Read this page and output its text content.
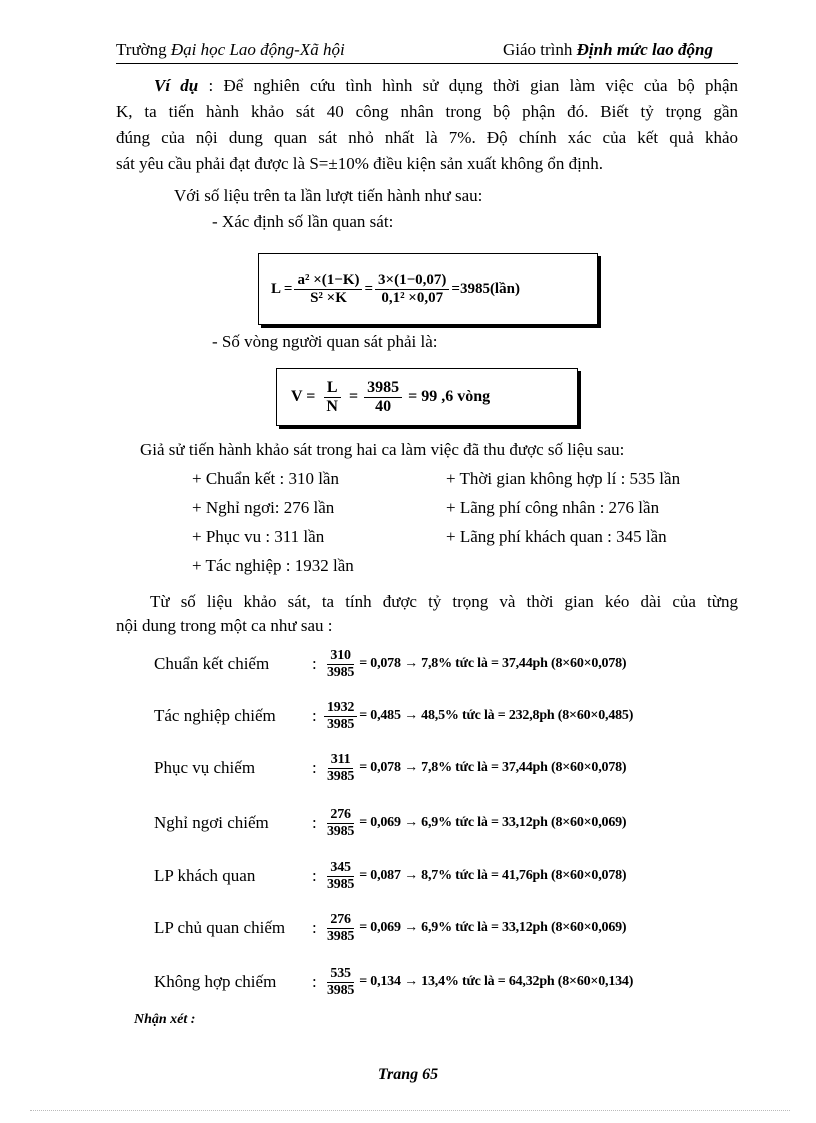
Trường Đại học Lao động-Xã hội	Giáo trình Định mức lao động
Ví dụ : Để nghiên cứu tình hình sử dụng thời gian làm việc của bộ phận
K, ta tiến hành khảo sát 40 công nhân trong bộ phận đó. Biết tỷ trọng gần
đúng của nội dung quan sát nhỏ nhất là 7%. Độ chính xác của kết quả khảo
sát yêu cầu phải đạt được là S=±10% điều kiện sản xuất không ổn định.
Với số liệu trên ta lần lượt tiến hành như sau:
- Xác định số lần quan sát:
$L = \frac{\text{a² ×(1−K)}}{\text{S² ×K}} = \frac{3\times(1-0,07)}{\text{0,1² ×0,07}}$ =3985(lần)
- Số vòng người quan sát phải là:
$V = \frac{L}{N} = \frac{3985}{40} = 99$ ,6 vòng
Giả sử tiến hành khảo sát trong hai ca làm việc đã thu được số liệu sau:
+ Chuẩn kết : 310 lần
+ Nghỉ ngơi: 276 lần
+ Phục vu : 311 lần
+ Tác nghiệp : 1932 lần
+ Thời gian không hợp lí : 535 lần
+ Lãng phí công nhân : 276 lần
+ Lãng phí khách quan : 345 lần
Từ số liệu khảo sát, ta tính được tỷ trọng và thời gian kéo dài của từng
nội dung trong một ca như sau :
Chuẩn kết chiếm	: $\frac{310}{3985} = 0,078 \to 7,8\%$ tức là = 37,44ph (8×60×0,078)
Tác nghiệp chiếm	: $\frac{1932}{3985} = 0,485 \to 48,5\%$ tức là = 232,8ph (8×60×0,485)
Phục vụ chiếm	: $\frac{311}{3985} = 0,078 \to 7,8\%$ tức là = 37,44ph (8×60×0,078)
Nghỉ ngơi chiếm	: $\frac{276}{3985} = 0,069 \to 6,9\%$ tức là = 33,12ph (8×60×0,069)
LP khách quan	: $\frac{345}{3985} = 0,087 \to 8,7\%$ tức là = 41,76ph (8×60×0,078)
LP chủ quan chiếm	: $\frac{276}{3985} = 0,069 \to 6,9\%$ tức là = 33,12ph (8×60×0,069)
Không hợp chiếm	: $\frac{535}{3985} = 0,134 \to 13,4\%$ tức là = 64,32ph (8×60×0,134)
Nhận xét :
Trang 65
